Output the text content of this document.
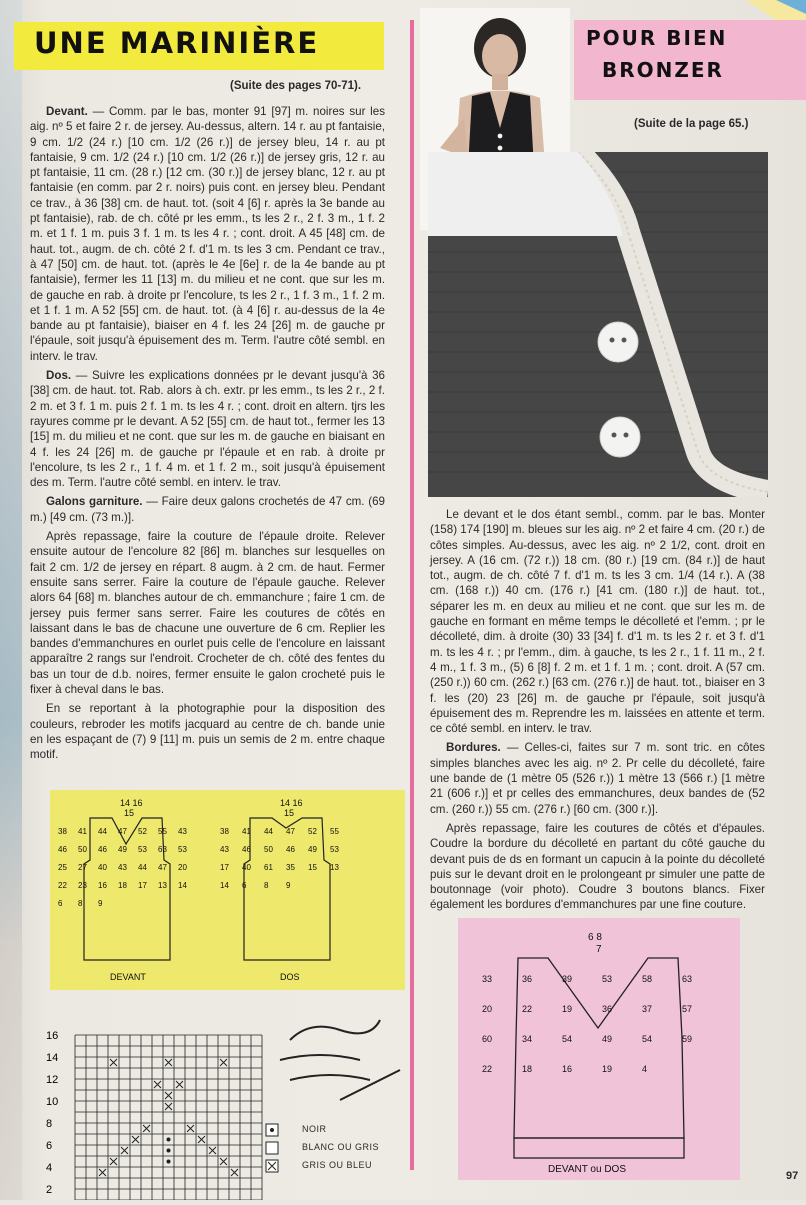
UNE MARINIÈRE
(Suite des pages 70-71).
POUR BIEN
BRONZER
(Suite de la page 65.)

Devant. — Comm. par le bas, monter 91 [97] m. noires sur les aig. nº 5 et faire 2 r. de jersey. Au-dessus, altern. 14 r. au pt fantaisie, 9 cm. 1/2 (24 r.) [10 cm. 1/2 (26 r.)] de jersey bleu, 14 r. au pt fantaisie, 9 cm. 1/2 (24 r.) [10 cm. 1/2 (26 r.)] de jersey gris, 12 r. au pt fantaisie, 11 cm. (28 r.) [12 cm. (30 r.)] de jersey blanc, 12 r. au pt fantaisie (en comm. par 2 r. noirs) puis cont. en jersey bleu. Pendant ce trav., à 36 [38] cm. de haut. tot. (soit 4 [6] r. après la 3e bande au pt fantaisie), rab. de ch. côté pr les emm., ts les 2 r., 2 f. 3 m., 1 f. 2 m. et 1 f. 1 m. puis 3 f. 1 m. ts les 4 r. ; cont. droit. A 45 [48] cm. de haut. tot., augm. de ch. côté 2 f. d'1 m. ts les 3 cm. Pendant ce trav., à 47 [50] cm. de haut. tot. (après le 4e [6e] r. de la 4e bande au pt fantaisie), fermer les 11 [13] m. du milieu et ne cont. que sur les m. de gauche en rab. à droite pr l'encolure, ts les 2 r., 1 f. 3 m., 1 f. 2 m. et 1 f. 1 m. A 52 [55] cm. de haut. tot. (à 4 [6] r. au-dessus de la 4e bande au pt fantaisie), biaiser en 4 f. les 24 [26] m. de gauche pr l'épaule, soit jusqu'à épuisement des m. Term. l'autre côté sembl. en interv. le trav.

Dos. — Suivre les explications données pr le devant jusqu'à 36 [38] cm. de haut. tot. Rab. alors à ch. extr. pr les emm., ts les 2 r., 2 f. 2 m. et 3 f. 1 m. puis 2 f. 1 m. ts les 4 r. ; cont. droit en altern. tjrs les rayures comme pr le devant. A 52 [55] cm. de haut tot., fermer les 13 [15] m. du milieu et ne cont. que sur les m. de gauche en biaisant en 4 f. les 24 [26] m. de gauche pr l'épaule et en rab. à droite pr l'encolure, ts les 2 r., 1 f. 4 m. et 1 f. 2 m., soit jusqu'à épuisement des m. Term. l'autre côté sembl. en interv. le trav.

Galons garniture. — Faire deux galons crochetés de 47 cm. (69 m.) [49 cm. (73 m.)].

Après repassage, faire la couture de l'épaule droite. Relever ensuite autour de l'encolure 82 [86] m. blanches sur lesquelles on fait 2 cm. 1/2 de jersey en répart. 8 augm. à 2 cm. de haut. Fermer ensuite sans serrer. Faire la couture de l'épaule gauche. Relever alors 64 [68] m. blanches autour de ch. emmanchure ; faire 1 cm. de jersey puis fermer sans serrer. Faire les coutures de côtés en laissant dans le bas de chacune une ouverture de 6 cm. Replier les bandes d'emmanchures en ourlet puis celle de l'encolure en laissant apparaître 2 rangs sur l'endroit. Crocheter de ch. côté des fentes du bas un tour de d.b. noires, fermer ensuite le galon crocheté puis le fixer à cheval dans le bas.

En se reportant à la photographie pour la disposition des couleurs, rebroder les motifs jacquard au centre de ch. bande unie en les espaçant de (7) 9 [11] m. puis un semis de 2 m. entre chaque motif.

Le devant et le dos étant sembl., comm. par le bas. Monter (158) 174 [190] m. bleues sur les aig. nº 2 et faire 4 cm. (20 r.) de côtes simples. Au-dessus, avec les aig. nº 2 1/2, cont. droit en jersey. A (16 cm. (72 r.)) 18 cm. (80 r.) [19 cm. (84 r.)] de haut tot., augm. de ch. côté 7 f. d'1 m. ts les 3 cm. 1/4 (14 r.). A (38 cm. (168 r.)) 40 cm. (176 r.) [41 cm. (180 r.)] de haut. tot., séparer les m. en deux au milieu et ne cont. que sur les m. de gauche en formant en même temps le décolleté et l'emm. ; pr le décolleté, dim. à droite (30) 33 [34] f. d'1 m. ts les 2 r. et 3 f. d'1 m. ts les 4 r. ; pr l'emm., dim. à gauche, ts les 2 r., 1 f. 11 m., 2 f. 4 m., 1 f. 3 m., (5) 6 [8] f. 2 m. et 1 f. 1 m. ; cont. droit. A (57 cm. (250 r.)) 60 cm. (262 r.) [63 cm. (276 r.)] de haut. tot., biaiser en 3 f. les (20) 23 [26] m. de gauche pr l'épaule, soit jusqu'à épuisement des m. Reprendre les m. laissées en attente et term. ce côté sembl. en interv. le trav.

Bordures. — Celles-ci, faites sur 7 m. sont tric. en côtes simples blanches avec les aig. nº 2. Pr celle du décolleté, faire une bande de (1 mètre 05 (526 r.)) 1 mètre 13 (566 r.) [1 mètre 21 (606 r.)] et pr celles des emmanchures, deux bandes de (52 cm. (260 r.)) 55 cm. (276 r.) [60 cm. (300 r.)].

Après repassage, faire les coutures de côtés et d'épaules. Coudre la bordure du décolleté en partant du côté gauche du devant puis de ds en formant un capucin à la pointe du décolleté puis sur le devant droit en le prolongeant pr simuler une patte de boutonnage (voir photo). Coudre 3 boutons blancs. Fixer également les bordures d'emmanchures par une fine couture.

14 16	14 16
15	15
DEVANT	DOS
38 41 44 47 52 55 43
46 50 46 49 53 63 53
25 27 40 43 44 47 20
22 23 16 18 17 13 14
6 8 9
38 41 44 47 52 55
43 46 50 46 49 53
17 40 61 35 15 13
14 6 8 9
16
14
12
10
8
6
4
2
NOIR
BLANC OU GRIS
GRIS OU BLEU
6 8
7
DEVANT ou DOS
33	36	39	53	58	63
20	22	19	36	37	57
60	34	54	49	54	59
22	18	16	19	4
97
